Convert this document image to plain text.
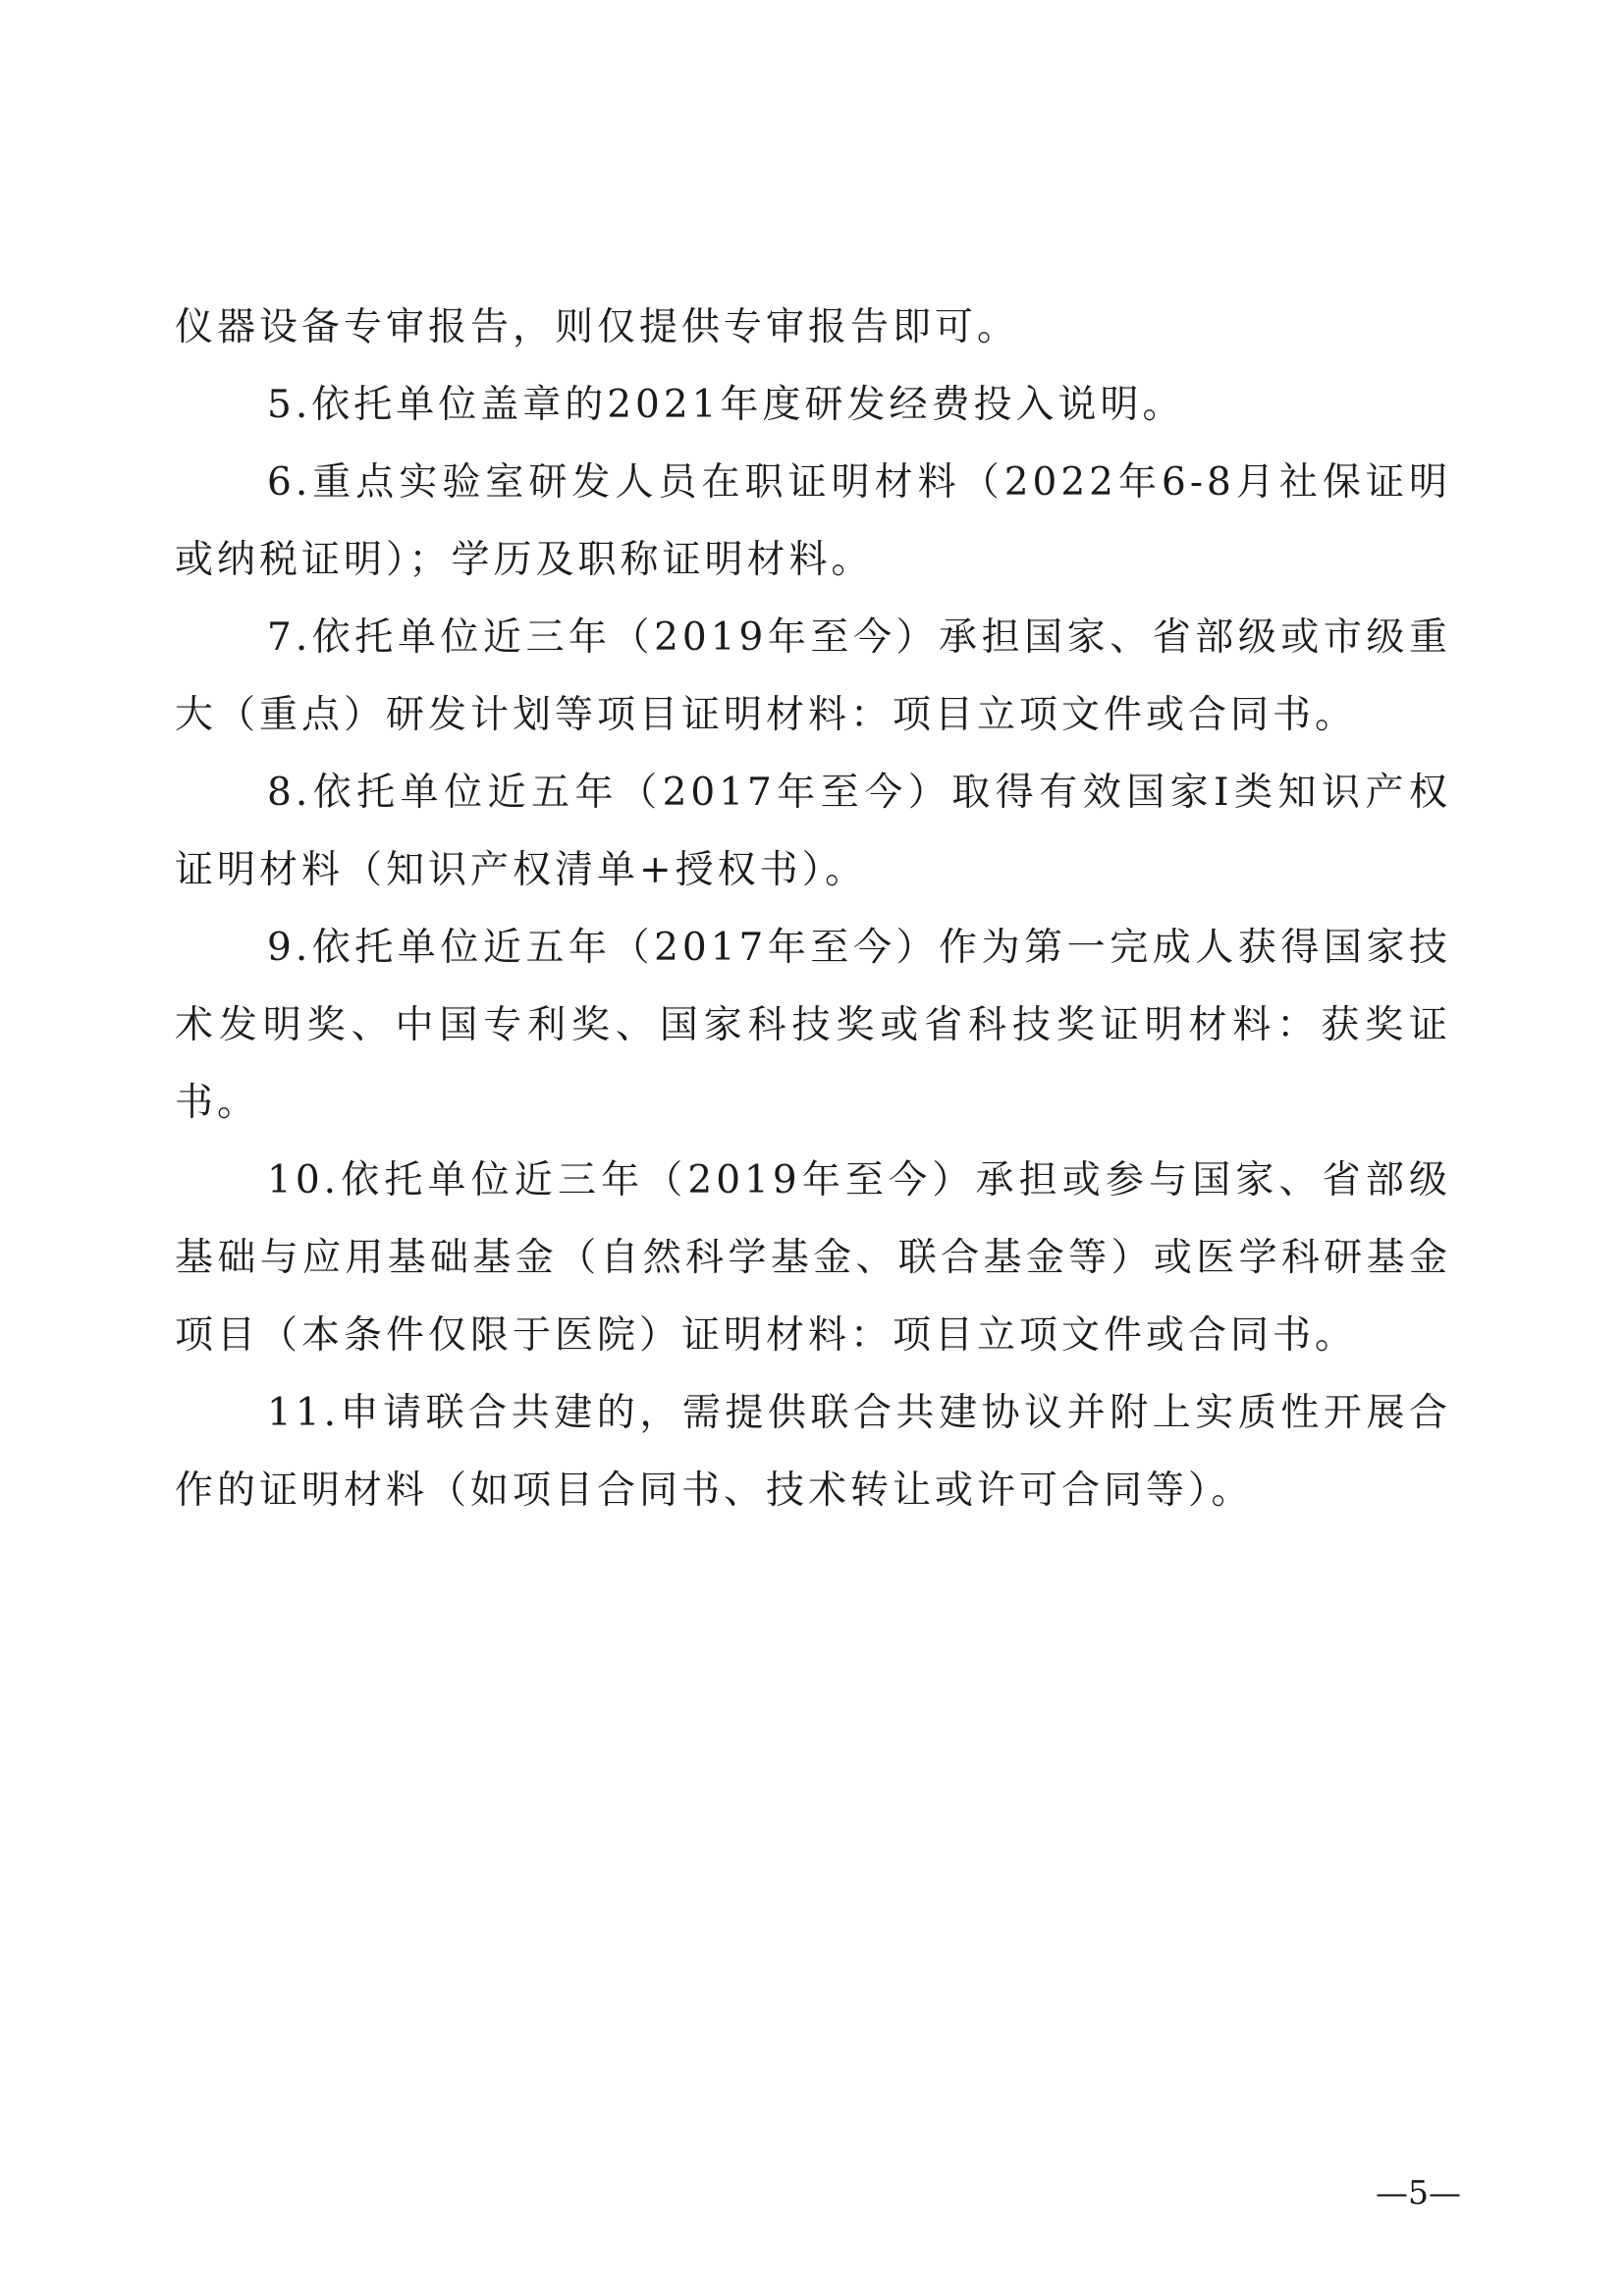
仪器设备专审报告，则仅提供专审报告即可。

5.依托单位盖章的2021年度研发经费投入说明。

6.重点实验室研发人员在职证明材料（2022年6-8月社保证明或纳税证明）；学历及职称证明材料。

7.依托单位近三年（2019年至今）承担国家、省部级或市级重大（重点）研发计划等项目证明材料：项目立项文件或合同书。

8.依托单位近五年（2017年至今）取得有效国家Ⅰ类知识产权证明材料（知识产权清单+授权书）。

9.依托单位近五年（2017年至今）作为第一完成人获得国家技术发明奖、中国专利奖、国家科技奖或省科技奖证明材料：获奖证书。

10.依托单位近三年（2019年至今）承担或参与国家、省部级基础与应用基础基金（自然科学基金、联合基金等）或医学科研基金项目（本条件仅限于医院）证明材料：项目立项文件或合同书。

11.申请联合共建的，需提供联合共建协议并附上实质性开展合作的证明材料（如项目合同书、技术转让或许可合同等）。

—5—
